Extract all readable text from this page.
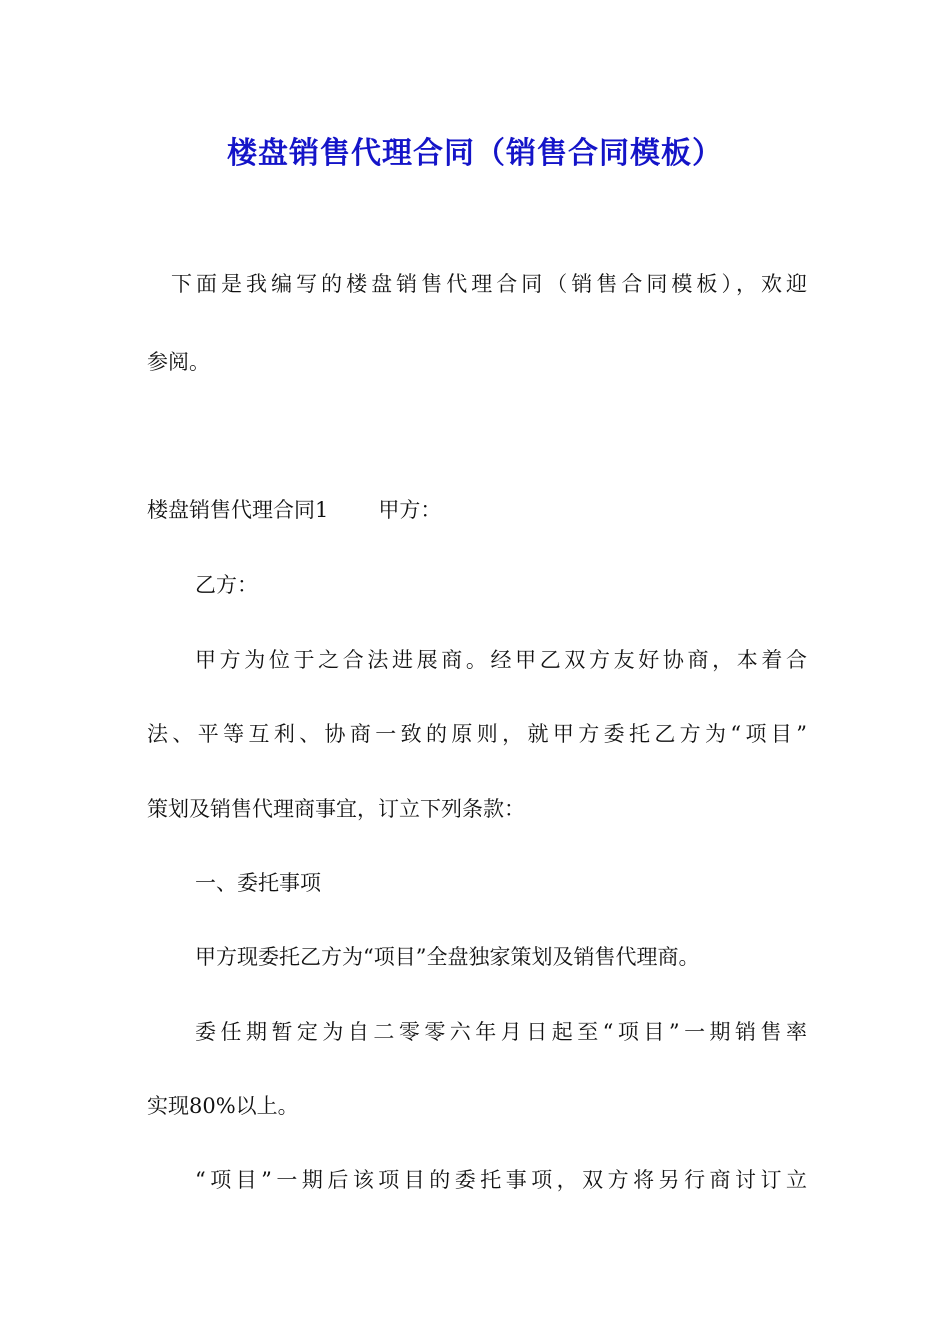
楼盘销售代理合同（销售合同模板）
下面是我编写的楼盘销售代理合同（销售合同模板），欢迎
参阅。
楼盘销售代理合同1 甲方：
乙方：
甲方为位于之合法进展商。经甲乙双方友好协商，本着合
法、平等互利、协商一致的原则，就甲方委托乙方为“项目”
策划及销售代理商事宜，订立下列条款：
一、委托事项
甲方现委托乙方为“项目”全盘独家策划及销售代理商。
委任期暂定为自二零零六年月日起至“项目”一期销售率
实现80%以上。
“项目”一期后该项目的委托事项，双方将另行商讨订立
